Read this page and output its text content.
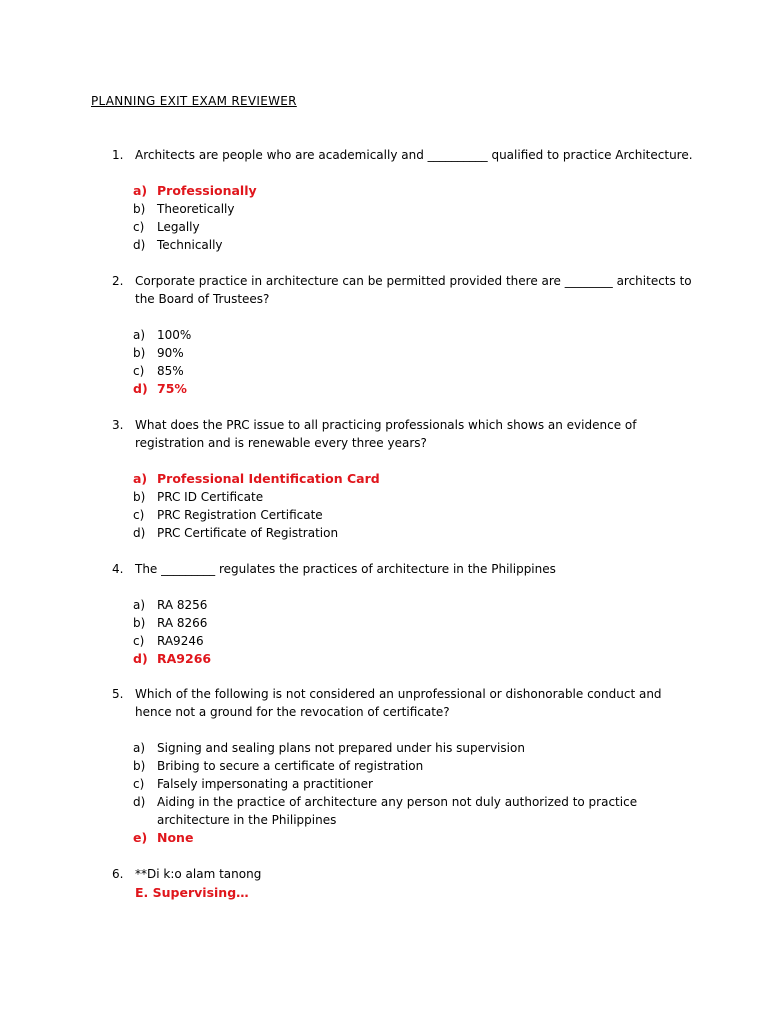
PLANNING EXIT EXAM REVIEWER
1. Architects are people who are academically and __________ qualified to practice Architecture.
a) Professionally
b) Theoretically
c) Legally
d) Technically
2. Corporate practice in architecture can be permitted provided there are ________ architects to the Board of Trustees?
a) 100%
b) 90%
c) 85%
d) 75%
3. What does the PRC issue to all practicing professionals which shows an evidence of registration and is renewable every three years?
a) Professional Identification Card
b) PRC ID Certificate
c) PRC Registration Certificate
d) PRC Certificate of Registration
4. The _________ regulates the practices of architecture in the Philippines
a) RA 8256
b) RA 8266
c) RA9246
d) RA9266
5. Which of the following is not considered an unprofessional or dishonorable conduct and hence not a ground for the revocation of certificate?
a) Signing and sealing plans not prepared under his supervision
b) Bribing to secure a certificate of registration
c) Falsely impersonating a practitioner
d) Aiding in the practice of architecture any person not duly authorized to practice architecture in the Philippines
e) None
6. **Di k:o alam tanong
E. Supervising…
